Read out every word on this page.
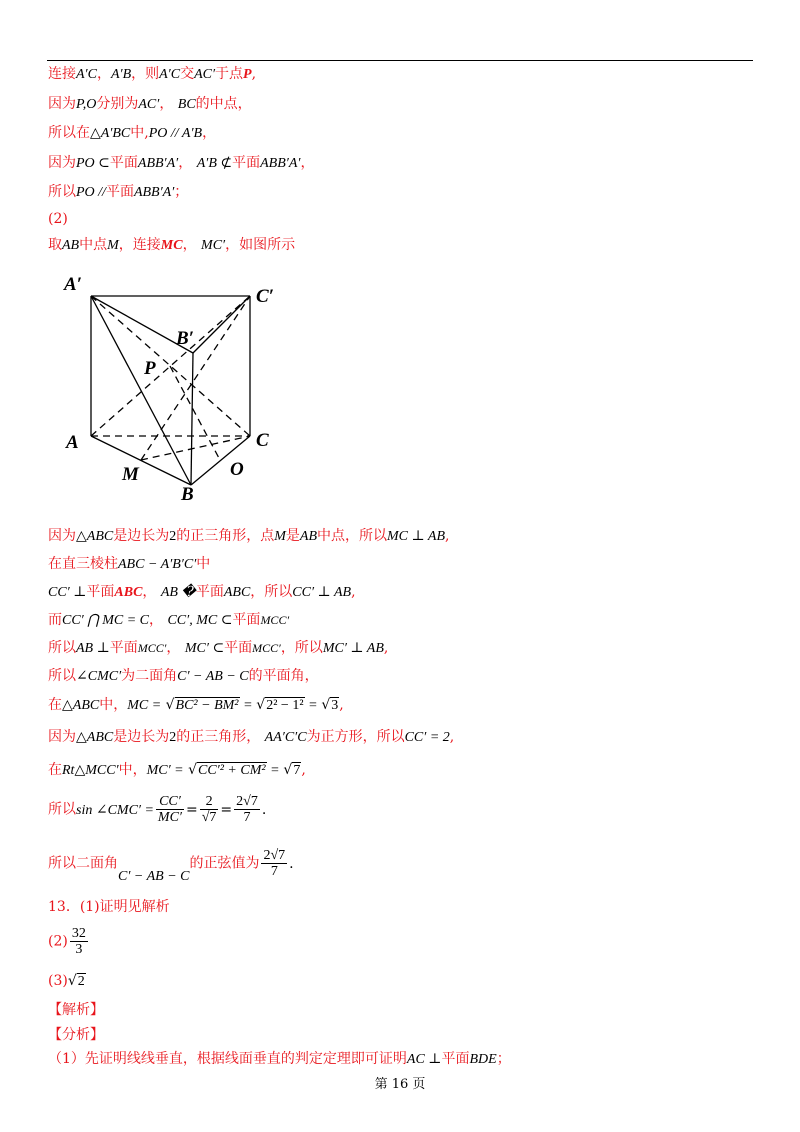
连接A′C，A′B，则A′C交AC′于点P,
因为P,O分别为AC′， BC的中点，
所以在△A′BC中,PO // A′B，
因为PO ⊂平面ABB′A′， A′B ⊄平面ABB′A′，
所以PO //平面ABB′A′；
(2)
取AB中点M，连接MC， MC′，如图所示
A′
C′
B′
P
A	C
M	O
B
因为△ABC是边长为2的正三角形，点M是AB中点，所以MC ⊥ AB,
在直三棱柱ABC − A′B′C′中
CC′ ⊥平面ABC， AB �平面ABC，所以CC′ ⊥ AB,
而CC′ ⋂ MC = C， CC′, MC ⊂平面MCC′
所以AB ⊥平面MCC′， MC′ ⊂平面MCC′，所以MC′ ⊥ AB,
所以∠CMC′为二面角C′ − AB − C的平面角，
在△ABC中，MC = √BC² − BM² = √2² − 1² = √3,
因为△ABC是边长为2的正三角形， AA′C′C为正方形，所以CC′ = 2,
在Rt△MCC′中，MC′ = √CC′² + CM² = √7,
所以sin ∠CMC′ = $\frac{CC'}{MC'} = \frac{2}{√7} = \frac{2√7}{7}$ .
所以二面角C′ − AB − C的正弦值为 $\frac{2√7}{7}$ .
13．(1)证明见解析
$(2) \frac{32}{3}$
(3)√2
【解析】
【分析】
（1）先证明线线垂直，根据线面垂直的判定定理即可证明AC ⊥平面BDE；
第 16 页
